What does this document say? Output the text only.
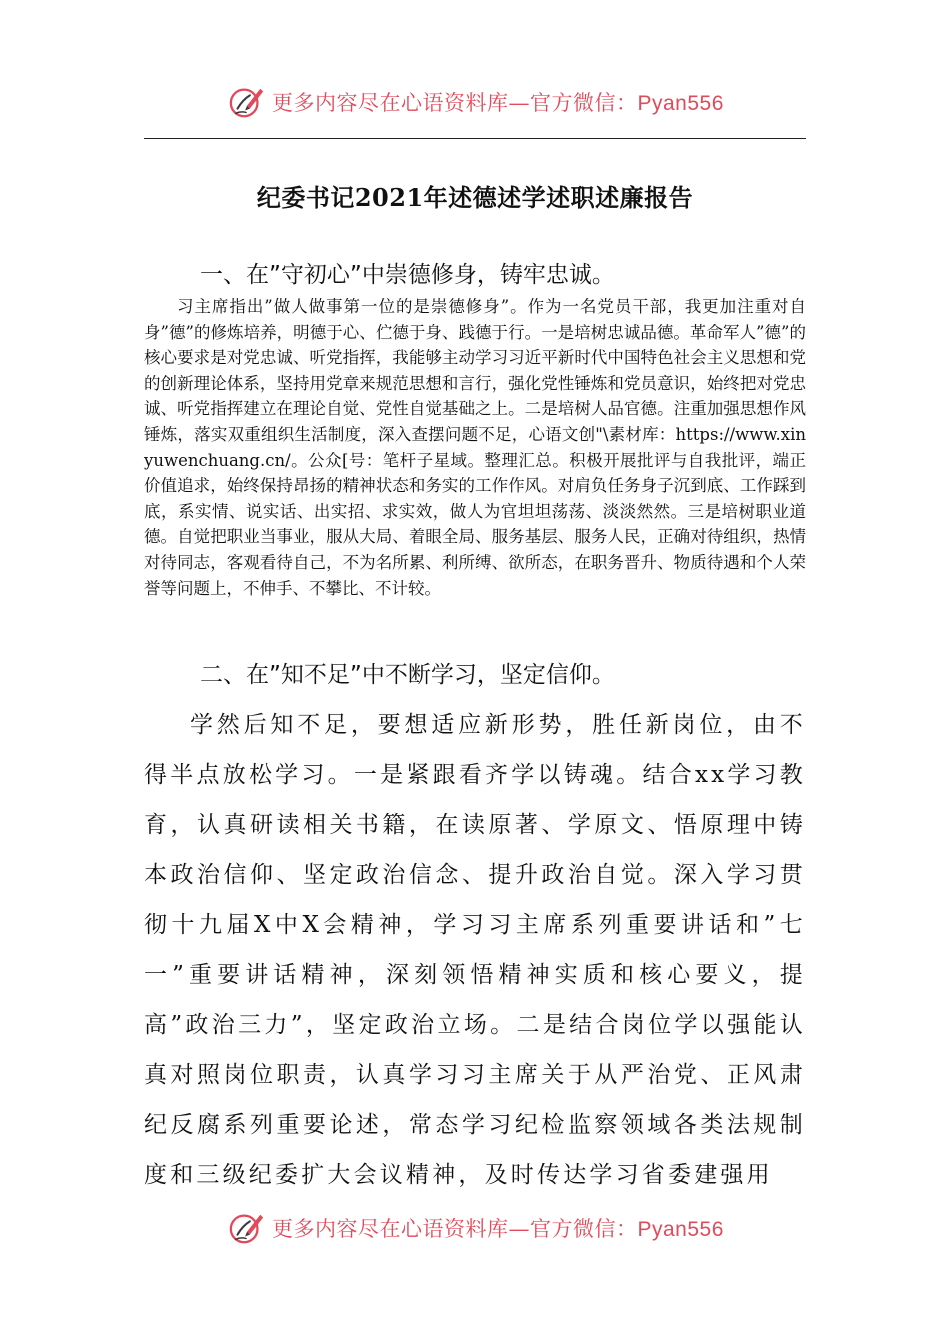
更多内容尽在心语资料库—官方微信：Pyan556
纪委书记2021年述德述学述职述廉报告
一、在”守初心”中崇德修身，铸牢忠诚。
习主席指出”做人做事第一位的是崇德修身”。作为一名党员干部，我更加注重对自身”德”的修炼培养，明德于心、伫德于身、践德于行。一是培树忠诚品德。革命军人”德”的核心要求是对党忠诚、听党指挥，我能够主动学习习近平新时代中国特色社会主义思想和党的创新理论体系，坚持用党章来规范思想和言行，强化党性锤炼和党员意识，始终把对党忠诚、听党指挥建立在理论自觉、党性自觉基础之上。二是培树人品官德。注重加强思想作风锤炼，落实双重组织生活制度，深入查摆问题不足，心语文创"\素材库：https://www.xinyuwenchuang.cn/。公众[号：笔杆子星域。整理汇总。积极开展批评与自我批评，端正价值追求，始终保持昂扬的精神状态和务实的工作作风。对肩负任务身子沉到底、工作踩到底，系实情、说实话、出实招、求实效，做人为官坦坦荡荡、淡淡然然。三是培树职业道德。自觉把职业当事业，服从大局、着眼全局、服务基层、服务人民，正确对待组织，热情对待同志，客观看待自己，不为名所累、利所缚、欲所态，在职务晋升、物质待遇和个人荣誉等问题上，不伸手、不攀比、不计较。
二、在”知不足”中不断学习，坚定信仰。
学然后知不足，要想适应新形势，胜任新岗位，由不得半点放松学习。一是紧跟看齐学以铸魂。结合xx学习教育，认真研读相关书籍，在读原著、学原文、悟原理中铸本政治信仰、坚定政治信念、提升政治自觉。深入学习贯彻十九届X中X会精神，学习习主席系列重要讲话和”七一”重要讲话精神，深刻领悟精神实质和核心要义，提高”政治三力”，坚定政治立场。二是结合岗位学以强能认真对照岗位职责，认真学习习主席关于从严治党、正风肃纪反腐系列重要论述，常态学习纪检监察领域各类法规制度和三级纪委扩大会议精神，及时传达学习省委建强用
更多内容尽在心语资料库—官方微信：Pyan556
